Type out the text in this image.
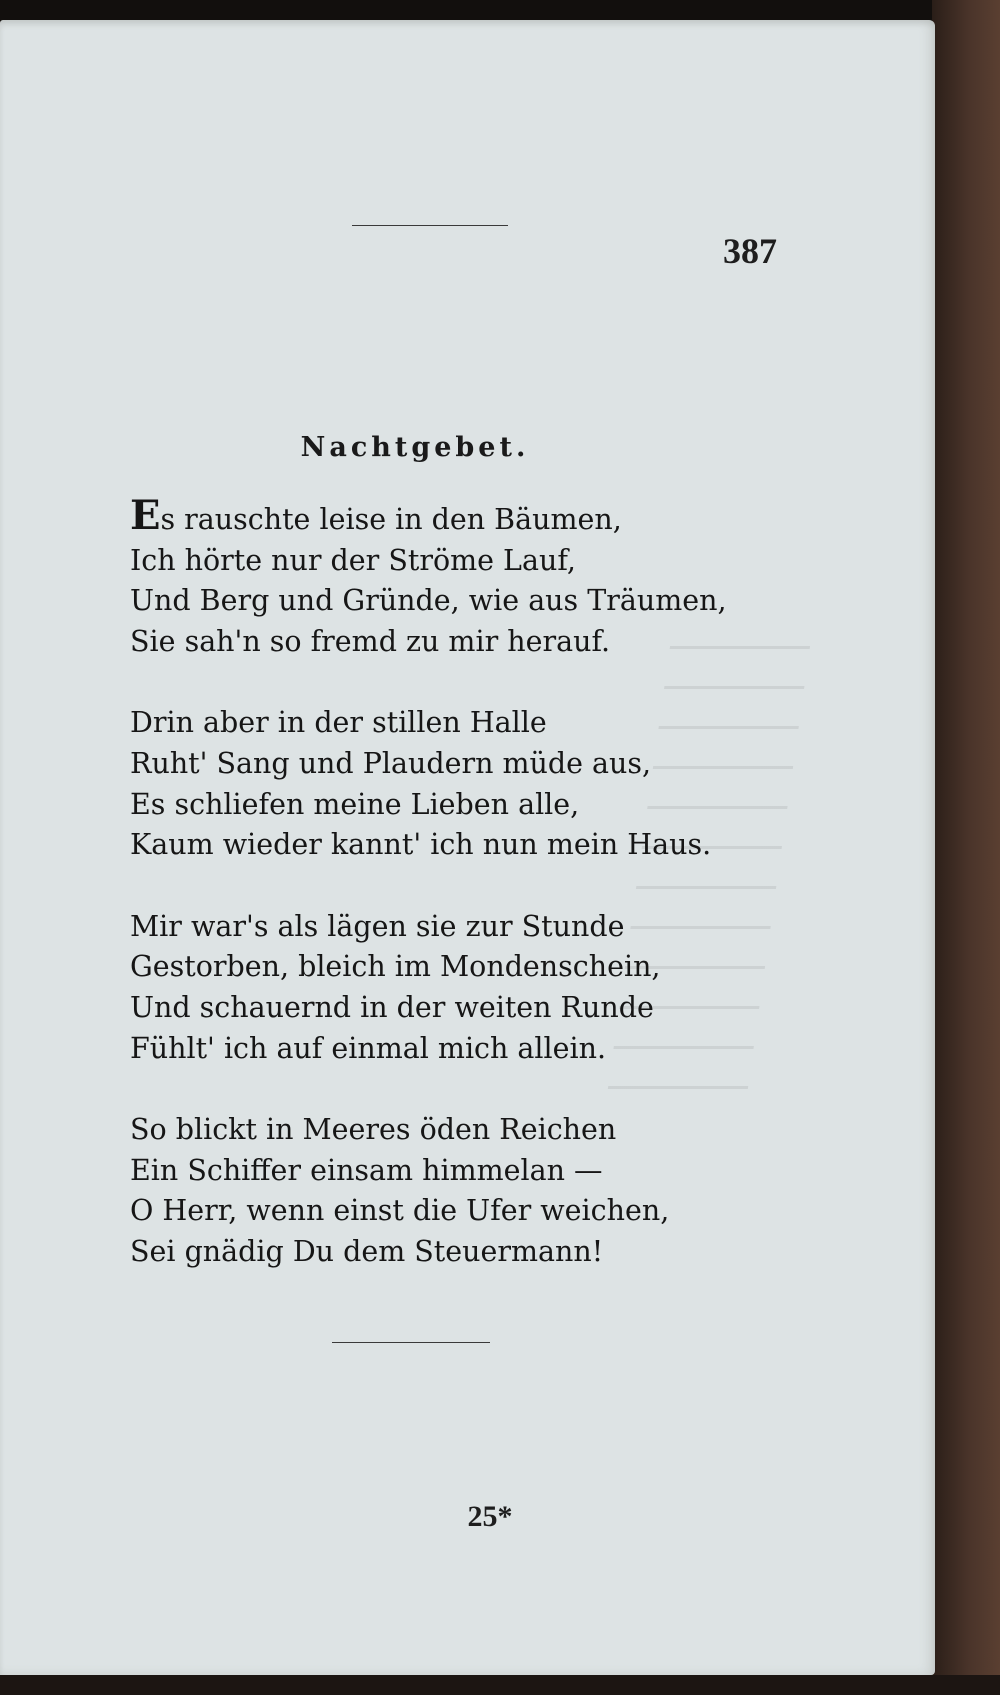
387
Nachtgebet.
Es rauschte leise in den Bäumen,
Ich hörte nur der Ströme Lauf,
Und Berg und Gründe, wie aus Träumen,
Sie sah'n so fremd zu mir herauf.
Drin aber in der stillen Halle
Ruht' Sang und Plaudern müde aus,
Es schliefen meine Lieben alle,
Kaum wieder kannt' ich nun mein Haus.
Mir war's als lägen sie zur Stunde
Gestorben, bleich im Mondenschein,
Und schauernd in der weiten Runde
Fühlt' ich auf einmal mich allein.
So blickt in Meeres öden Reichen
Ein Schiffer einsam himmelan —
O Herr, wenn einst die Ufer weichen,
Sei gnädig Du dem Steuermann!
25*
